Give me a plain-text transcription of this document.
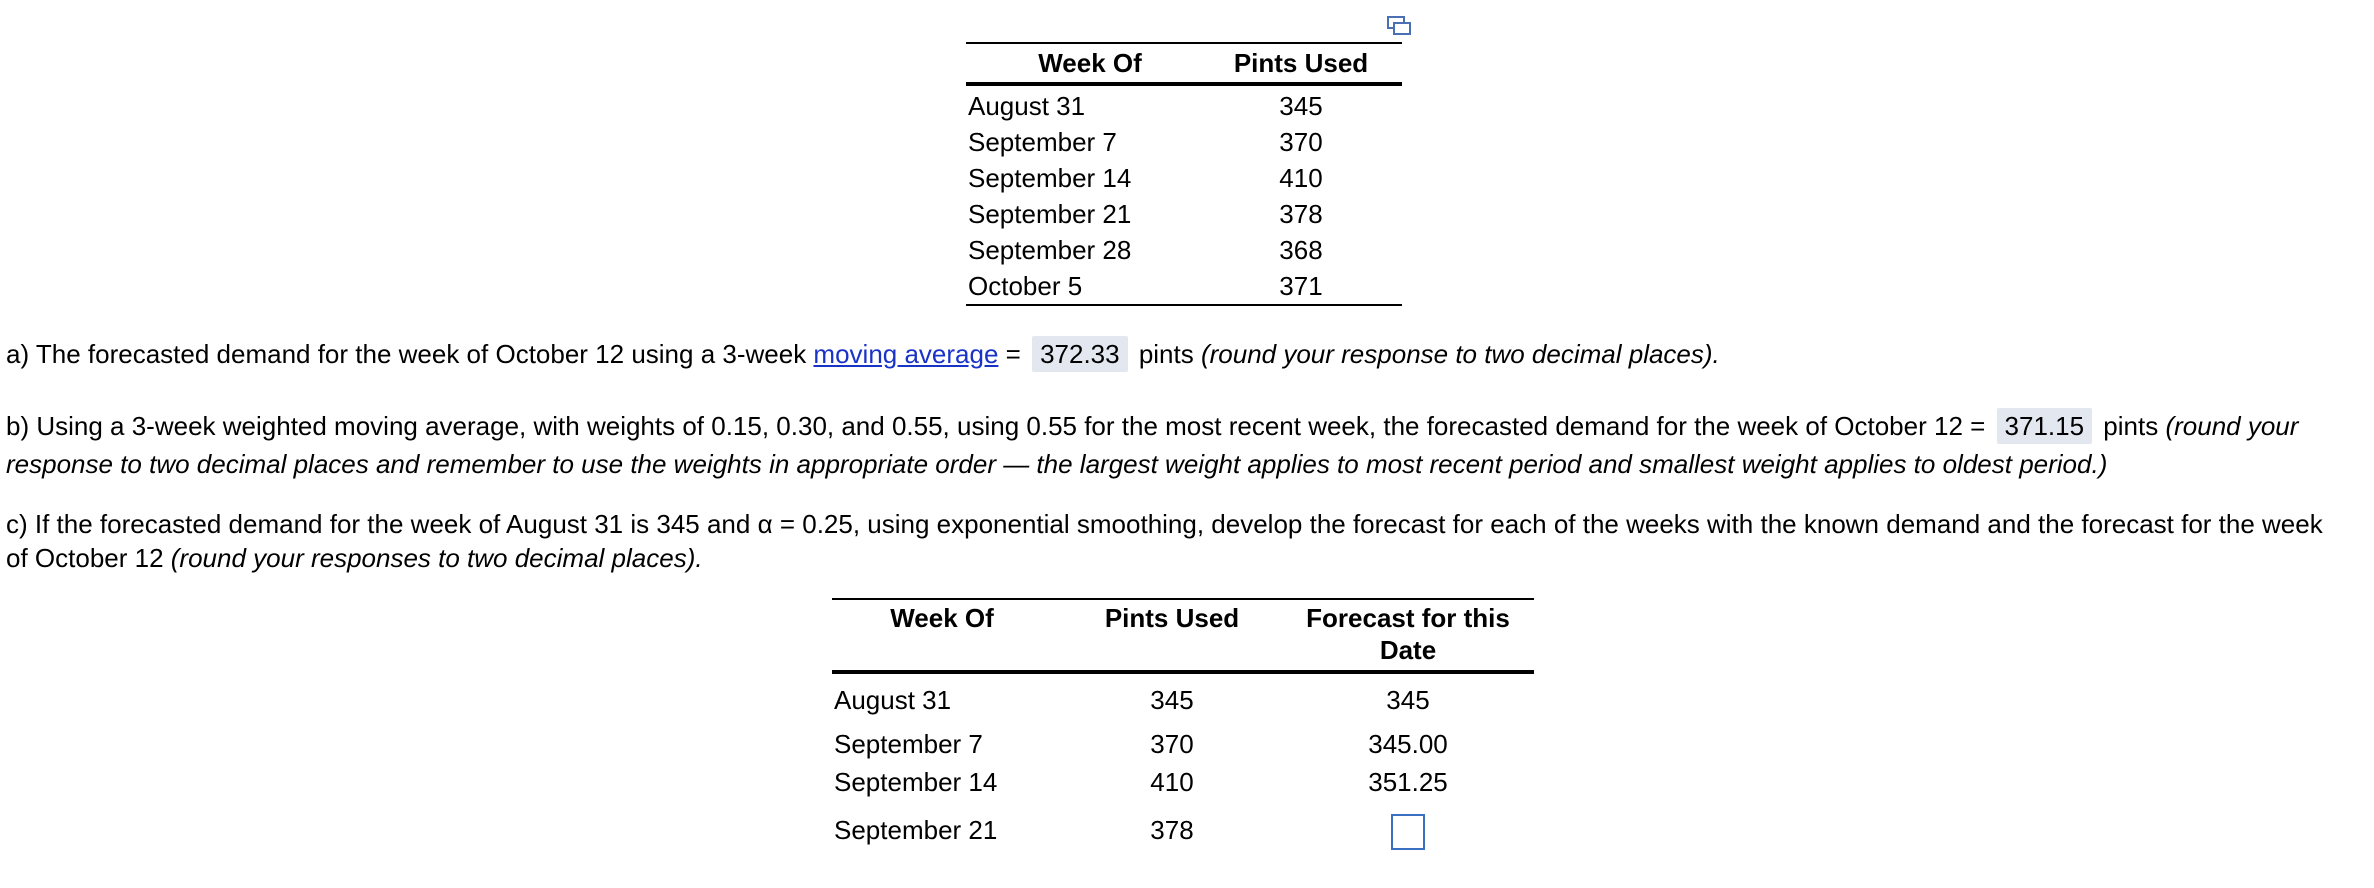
Week Of	Pints Used
August 31	345
September 7	370
September 14	410
September 21	378
September 28	368
October 5	371
a) The forecasted demand for the week of October 12 using a 3-week moving average = 372.33 pints (round your response to two decimal places).
b) Using a 3-week weighted moving average, with weights of 0.15, 0.30, and 0.55, using 0.55 for the most recent week, the forecasted demand for the week of October 12 = 371.15 pints (round your
response to two decimal places and remember to use the weights in appropriate order — the largest weight applies to most recent period and smallest weight applies to oldest period.)
c) If the forecasted demand for the week of August 31 is 345 and α = 0.25, using exponential smoothing, develop the forecast for each of the weeks with the known demand and the forecast for the week
of October 12 (round your responses to two decimal places).
Week Of	Pints Used	Forecast for this
Date
August 31	345	345
September 7	370	345.00
September 14	410	351.25
September 21	378
